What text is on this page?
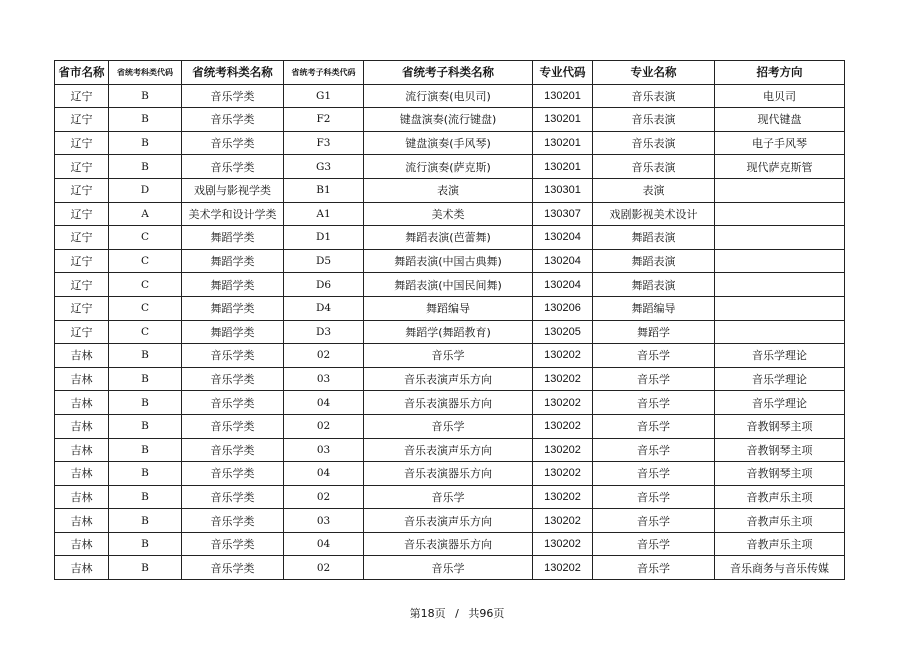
省市名称	省统考科类代码	省统考科类名称	省统考子科类代码	省统考子科类名称	专业代码	专业名称	招考方向
辽宁	B	音乐学类	G1	流行演奏(电贝司)	130201	音乐表演	电贝司
辽宁	B	音乐学类	F2	键盘演奏(流行键盘)	130201	音乐表演	现代键盘
辽宁	B	音乐学类	F3	键盘演奏(手风琴)	130201	音乐表演	电子手风琴
辽宁	B	音乐学类	G3	流行演奏(萨克斯)	130201	音乐表演	现代萨克斯管
辽宁	D	戏剧与影视学类	B1	表演	130301	表演	
辽宁	A	美术学和设计学类	A1	美术类	130307	戏剧影视美术设计	
辽宁	C	舞蹈学类	D1	舞蹈表演(芭蕾舞)	130204	舞蹈表演	
辽宁	C	舞蹈学类	D5	舞蹈表演(中国古典舞)	130204	舞蹈表演	
辽宁	C	舞蹈学类	D6	舞蹈表演(中国民间舞)	130204	舞蹈表演	
辽宁	C	舞蹈学类	D4	舞蹈编导	130206	舞蹈编导	
辽宁	C	舞蹈学类	D3	舞蹈学(舞蹈教育)	130205	舞蹈学	
吉林	B	音乐学类	02	音乐学	130202	音乐学	音乐学理论
吉林	B	音乐学类	03	音乐表演声乐方向	130202	音乐学	音乐学理论
吉林	B	音乐学类	04	音乐表演器乐方向	130202	音乐学	音乐学理论
吉林	B	音乐学类	02	音乐学	130202	音乐学	音教钢琴主项
吉林	B	音乐学类	03	音乐表演声乐方向	130202	音乐学	音教钢琴主项
吉林	B	音乐学类	04	音乐表演器乐方向	130202	音乐学	音教钢琴主项
吉林	B	音乐学类	02	音乐学	130202	音乐学	音教声乐主项
吉林	B	音乐学类	03	音乐表演声乐方向	130202	音乐学	音教声乐主项
吉林	B	音乐学类	04	音乐表演器乐方向	130202	音乐学	音教声乐主项
吉林	B	音乐学类	02	音乐学	130202	音乐学	音乐商务与音乐传媒
第18页 / 共96页
